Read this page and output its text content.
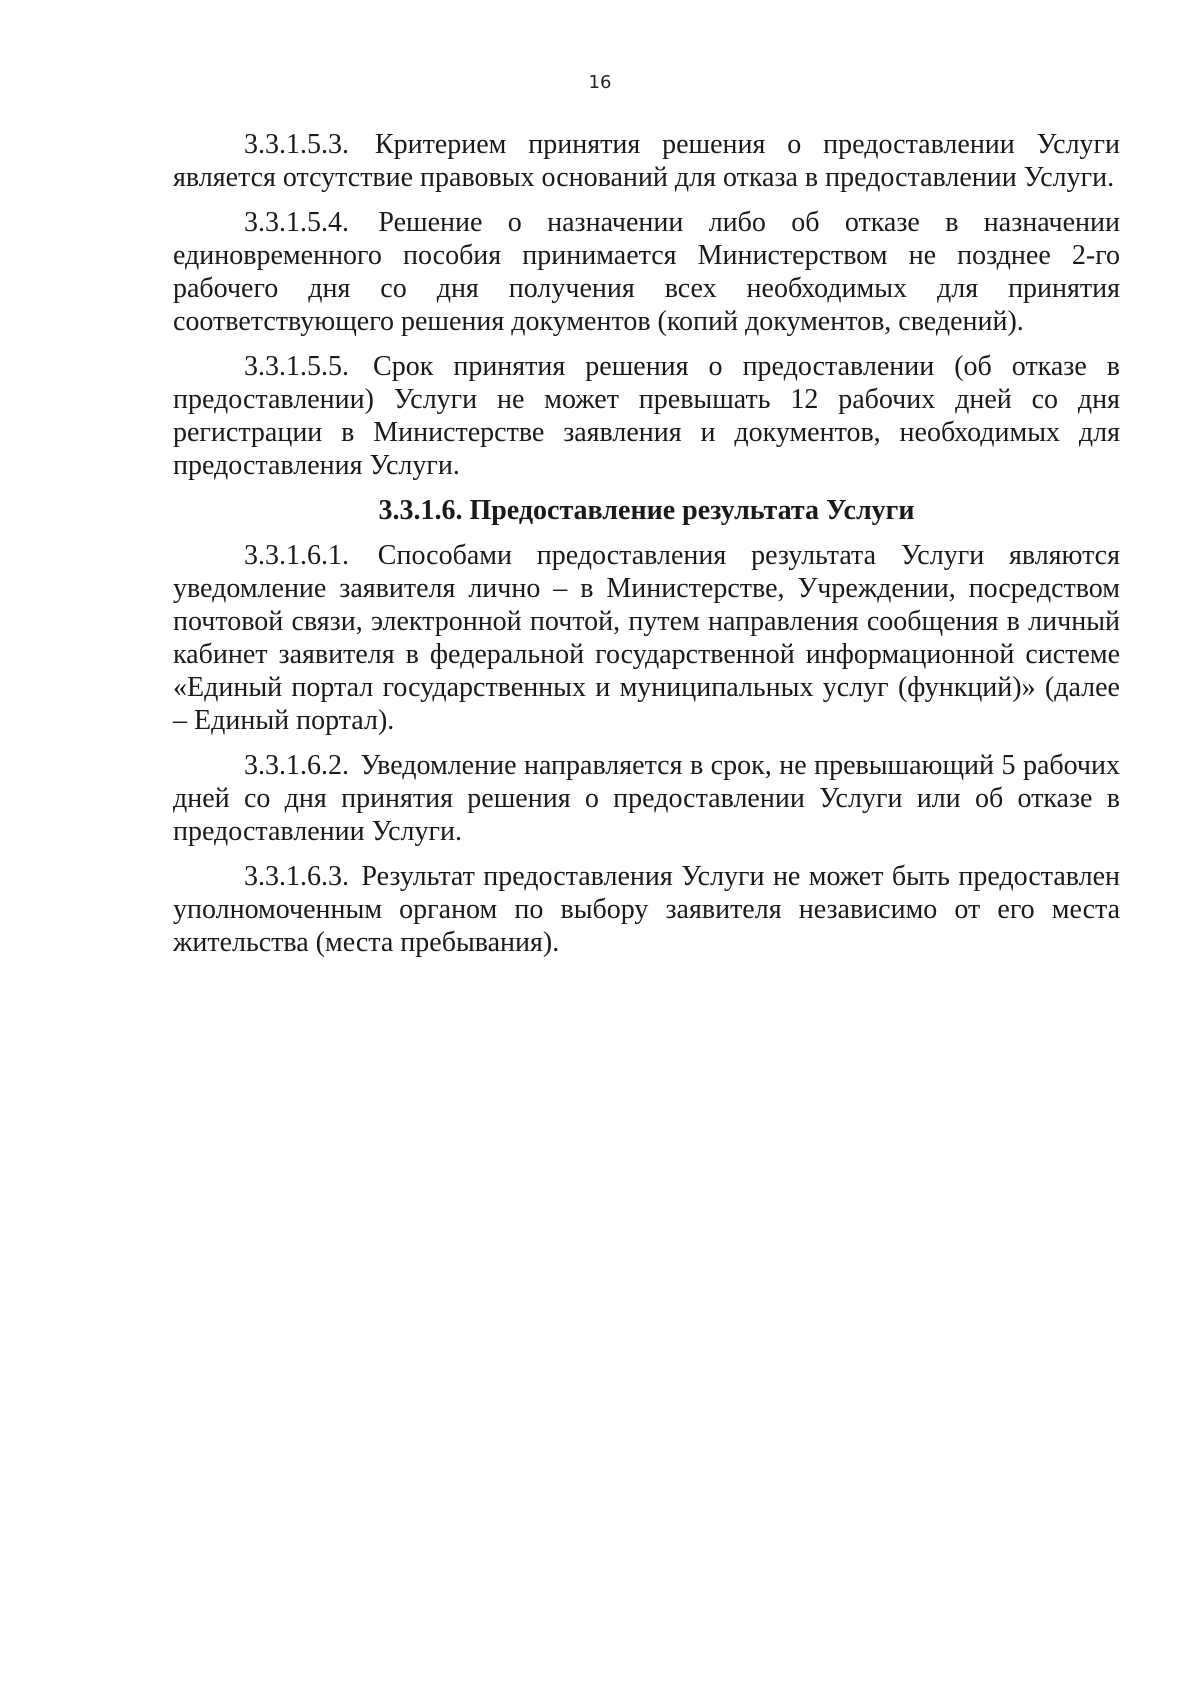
16

3.3.1.5.3. Критерием принятия решения о предоставлении Услуги является отсутствие правовых оснований для отказа в предоставлении Услуги.

3.3.1.5.4. Решение о назначении либо об отказе в назначении единовременного пособия принимается Министерством не позднее 2-го рабочего дня со дня получения всех необходимых для принятия соответствующего решения документов (копий документов, сведений).

3.3.1.5.5. Срок принятия решения о предоставлении (об отказе в предоставлении) Услуги не может превышать 12 рабочих дней со дня регистрации в Министерстве заявления и документов, необходимых для предоставления Услуги.

3.3.1.6. Предоставление результата Услуги

3.3.1.6.1. Способами предоставления результата Услуги являются уведомление заявителя лично – в Министерстве, Учреждении, посредством почтовой связи, электронной почтой, путем направления сообщения в личный кабинет заявителя в федеральной государственной информационной системе «Единый портал государственных и муниципальных услуг (функций)» (далее – Единый портал).

3.3.1.6.2. Уведомление направляется в срок, не превышающий 5 рабочих дней со дня принятия решения о предоставлении Услуги или об отказе в предоставлении Услуги.

3.3.1.6.3. Результат предоставления Услуги не может быть предоставлен уполномоченным органом по выбору заявителя независимо от его места жительства (места пребывания).
